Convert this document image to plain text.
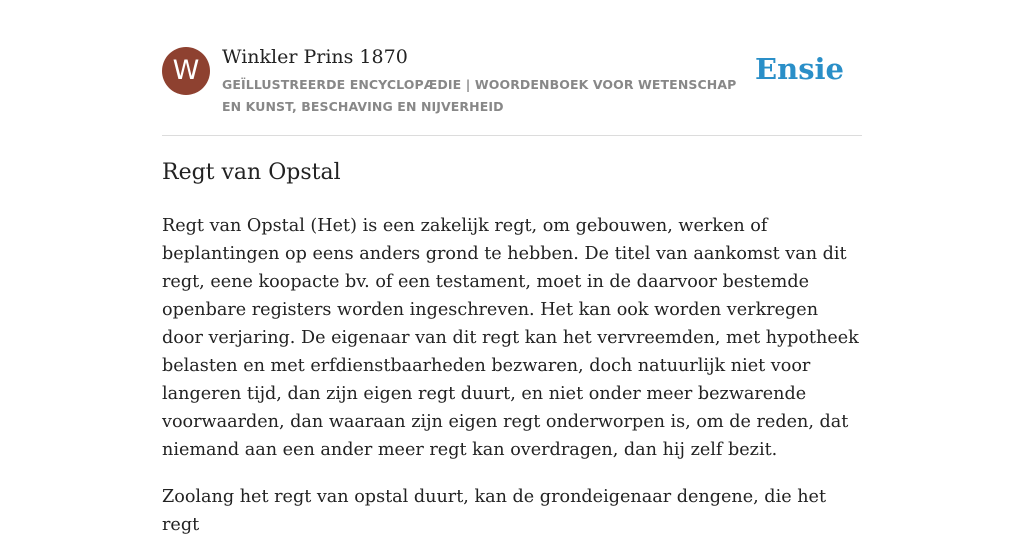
W	Winkler Prins 1870
GEÏLLUSTREERDE ENCYCLOPÆDIE | WOORDENBOEK VOOR WETENSCHAP EN KUNST, BESCHAVING EN NIJVERHEID
Ensie
Regt van Opstal

Regt van Opstal (Het) is een zakelijk regt, om gebouwen, werken of beplantingen op eens anders grond te hebben. De titel van aankomst van dit regt, eene koopacte bv. of een testament, moet in de daarvoor bestemde openbare registers worden ingeschreven. Het kan ook worden verkregen door verjaring. De eigenaar van dit regt kan het vervreemden, met hypotheek belasten en met erfdienstbaarheden bezwaren, doch natuurlijk niet voor langeren tijd, dan zijn eigen regt duurt, en niet onder meer bezwarende voorwaarden, dan waaraan zijn eigen regt onderworpen is, om de reden, dat niemand aan een ander meer regt kan overdragen, dan hij zelf bezit.

Zoolang het regt van opstal duurt, kan de grondeigenaar dengene, die het regt
